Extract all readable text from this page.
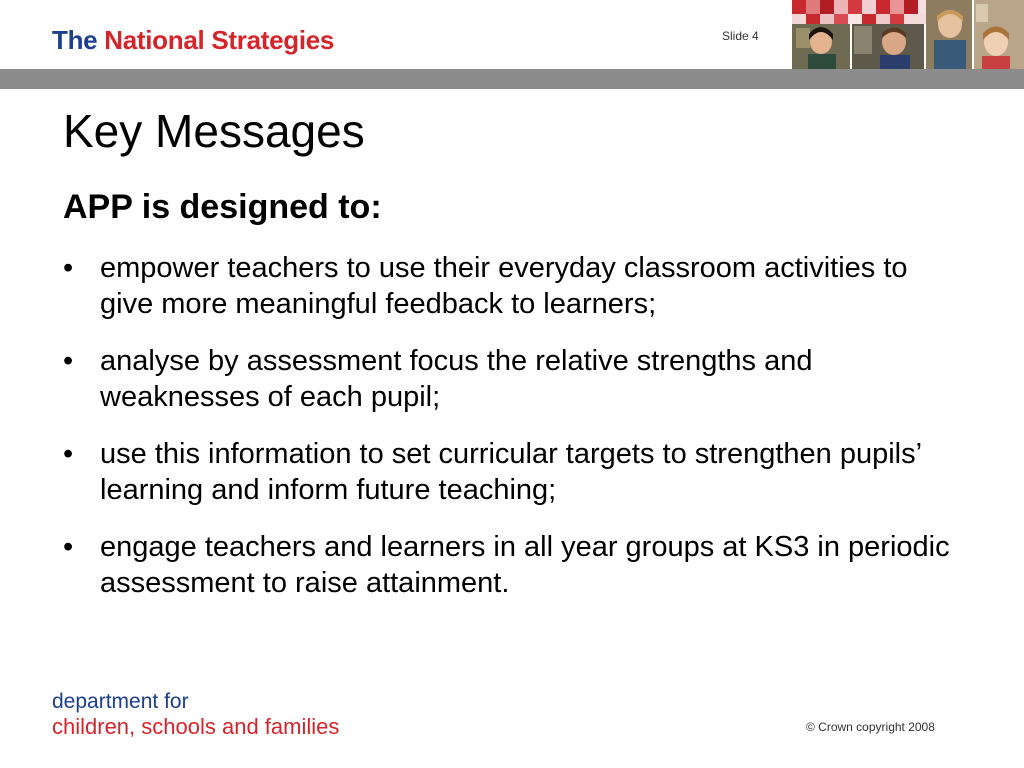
The National Strategies	Slide 4
Key Messages
APP is designed to:
• empower teachers to use their everyday classroom activities to give more meaningful feedback to learners;
• analyse by assessment focus the relative strengths and weaknesses of each pupil;
• use this information to set curricular targets to strengthen pupils’ learning and inform future teaching;
• engage teachers and learners in all year groups at KS3 in periodic assessment to raise attainment.
department for
children, schools and families	© Crown copyright 2008
